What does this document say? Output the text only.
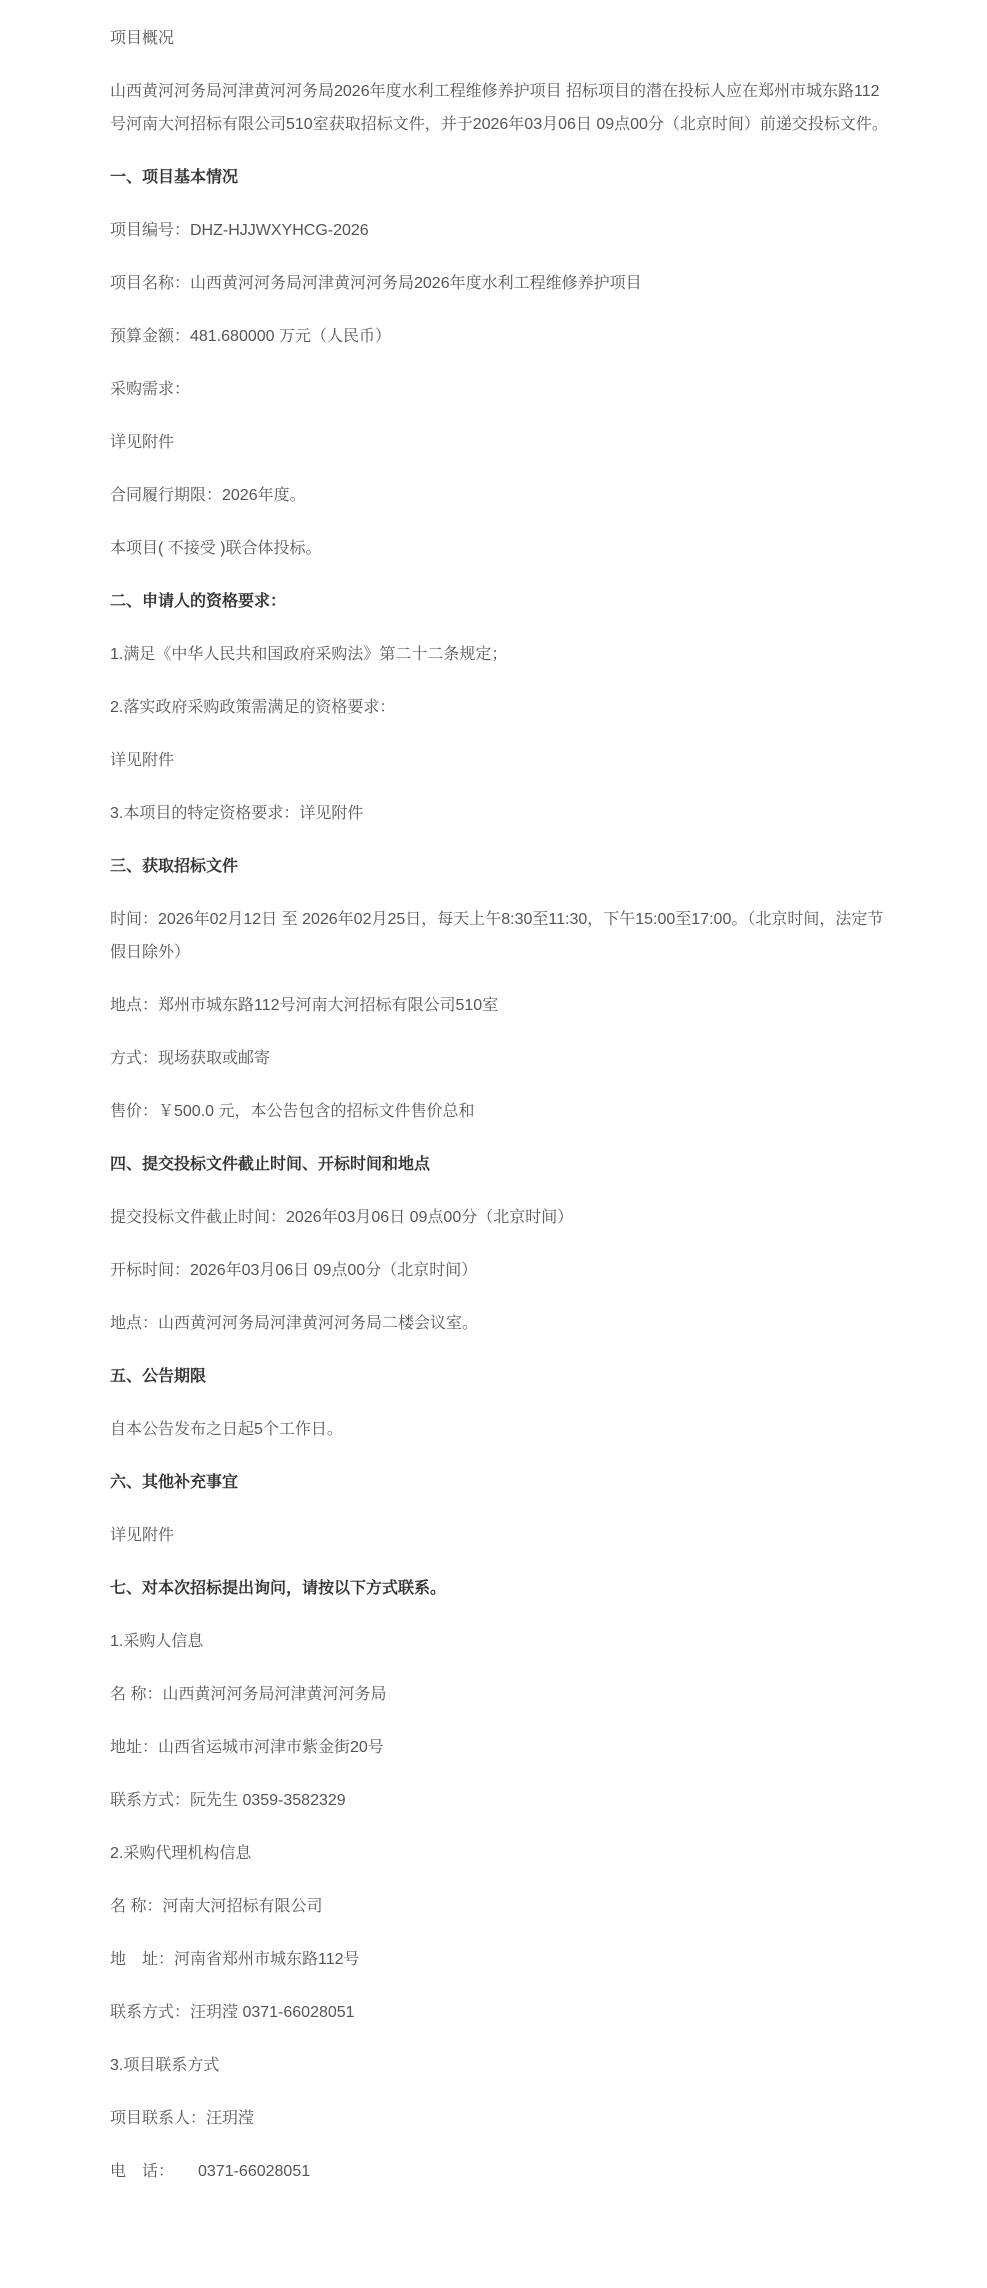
项目概况

山西黄河河务局河津黄河河务局2026年度水利工程维修养护项目 招标项目的潜在投标人应在郑州市城东路112号河南大河招标有限公司510室获取招标文件，并于2026年03月06日 09点00分（北京时间）前递交投标文件。

一、项目基本情况

项目编号：DHZ-HJJWXYHCG-2026

项目名称：山西黄河河务局河津黄河河务局2026年度水利工程维修养护项目

预算金额：481.680000 万元（人民币）

采购需求：

详见附件

合同履行期限：2026年度。

本项目( 不接受 )联合体投标。

二、申请人的资格要求：

1.满足《中华人民共和国政府采购法》第二十二条规定；

2.落实政府采购政策需满足的资格要求：

详见附件

3.本项目的特定资格要求：详见附件

三、获取招标文件

时间：2026年02月12日 至 2026年02月25日，每天上午8:30至11:30，下午15:00至17:00。（北京时间，法定节假日除外）

地点：郑州市城东路112号河南大河招标有限公司510室

方式：现场获取或邮寄

售价：￥500.0 元，本公告包含的招标文件售价总和

四、提交投标文件截止时间、开标时间和地点

提交投标文件截止时间：2026年03月06日 09点00分（北京时间）

开标时间：2026年03月06日 09点00分（北京时间）

地点：山西黄河河务局河津黄河河务局二楼会议室。

五、公告期限

自本公告发布之日起5个工作日。

六、其他补充事宜

详见附件

七、对本次招标提出询问，请按以下方式联系。

1.采购人信息

名 称：山西黄河河务局河津黄河河务局

地址：山西省运城市河津市紫金街20号

联系方式：阮先生 0359-3582329

2.采购代理机构信息

名 称：河南大河招标有限公司

地　址：河南省郑州市城东路112号

联系方式：汪玥滢 0371-66028051

3.项目联系方式

项目联系人：汪玥滢

电　话：　　0371-66028051
